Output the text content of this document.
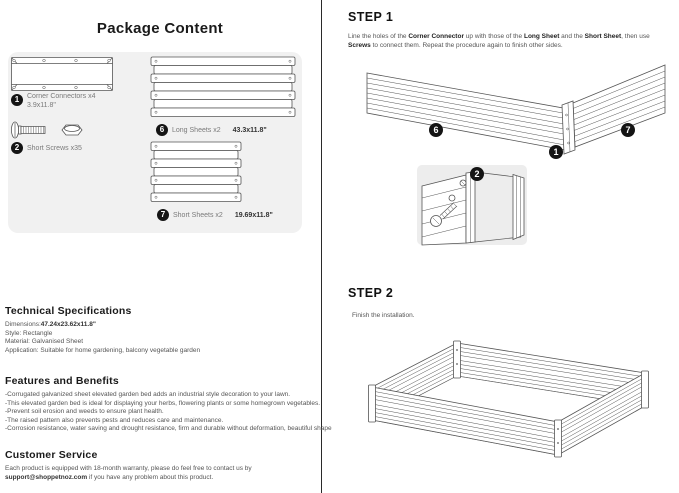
Package Content
1	Corner Connectors x4
3.9x11.8"
2	Short Screws x35
6	Long Sheets x2 43.3x11.8"
7	Short Sheets x2 19.69x11.8"
Technical Specifications
Dimensions:47.24x23.62x11.8"
Style: Rectangle
Material: Galvanised Sheet
Application: Suitable for home gardening, balcony vegetable garden
Features and Benefits
-Corrugated galvanized sheet elevated garden bed adds an industrial style decoration to your lawn.
-This elevated garden bed is ideal for displaying your herbs, flowering plants or some homegrown vegetables.
-Prevent soil erosion and weeds to ensure plant health.
-The raised pattern also prevents pests and reduces care and maintenance.
-Corrosion resistance, water saving and drought resistance, firm and durable without deformation, beautiful shape
Customer Service
Each product is equipped with 18-month warranty, please do feel free to contact us by support@shoppetnoz.com if you have any problem about this product.
STEP 1

Line the holes of the Corner Connector up with those of the Long Sheet and the Short Sheet, then use Screws to connect them. Repeat the procedure again to finish other sides.

6
1
7
2
STEP 2

Finish the installation.
